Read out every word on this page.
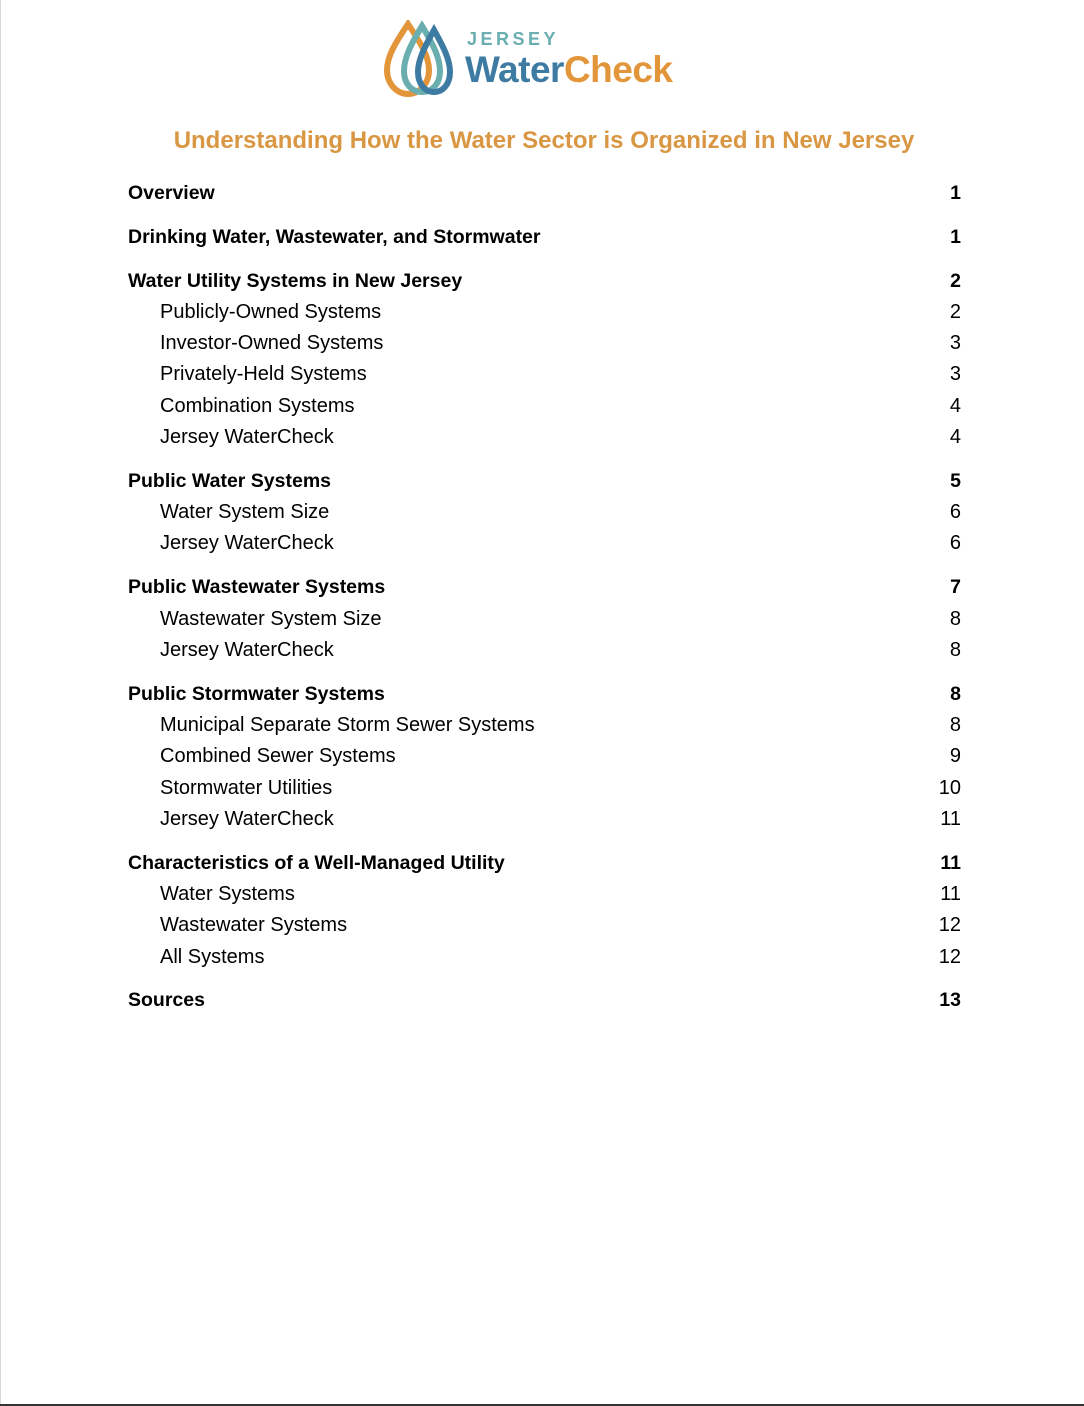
JERSEY
WaterCheck
Understanding How the Water Sector is Organized in New Jersey
Overview	1
Drinking Water, Wastewater, and Stormwater	1
Water Utility Systems in New Jersey	2
Publicly-Owned Systems	2
Investor-Owned Systems	3
Privately-Held Systems	3
Combination Systems	4
Jersey WaterCheck	4
Public Water Systems	5
Water System Size	6
Jersey WaterCheck	6
Public Wastewater Systems	7
Wastewater System Size	8
Jersey WaterCheck	8
Public Stormwater Systems	8
Municipal Separate Storm Sewer Systems	8
Combined Sewer Systems	9
Stormwater Utilities	10
Jersey WaterCheck	11
Characteristics of a Well-Managed Utility	11
Water Systems	11
Wastewater Systems	12
All Systems	12
Sources	13
